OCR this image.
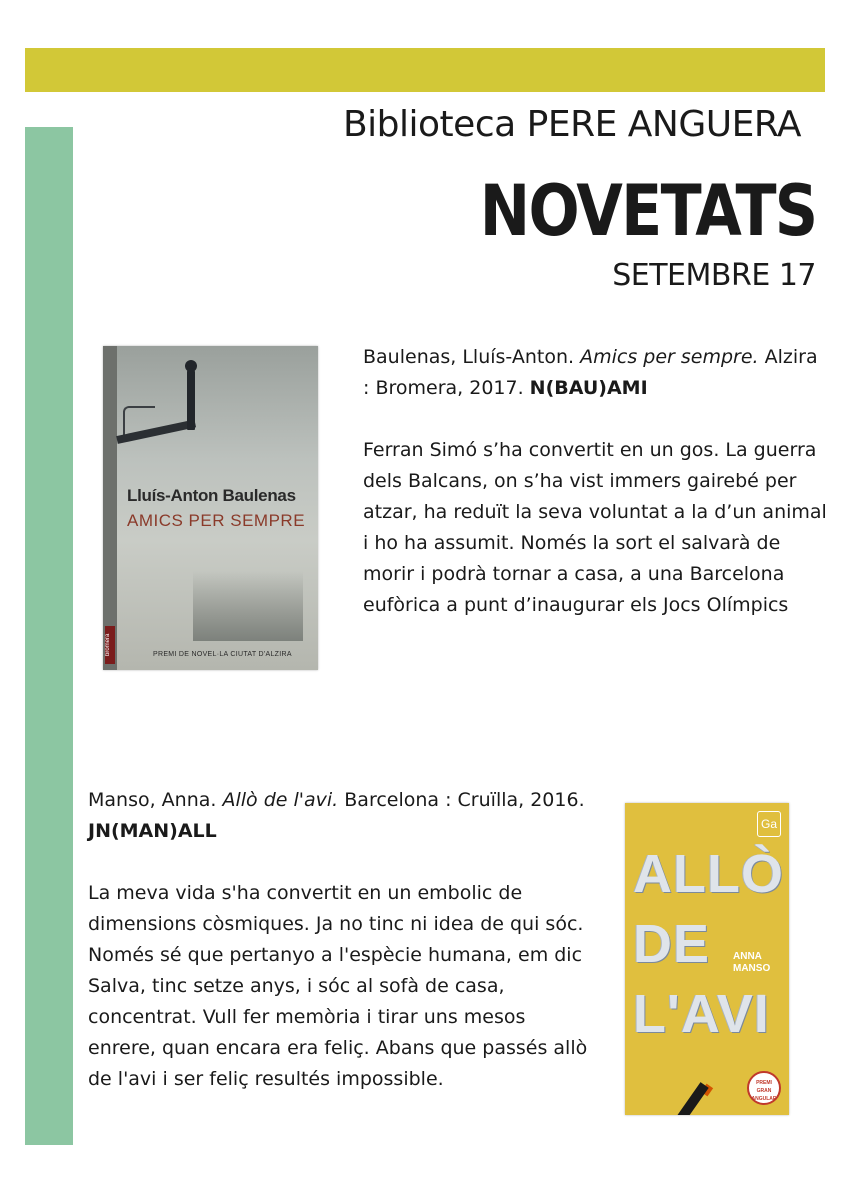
Biblioteca PERE ANGUERA
NOVETATS
SETEMBRE 17
Lluís-Anton Baulenas
AMICS PER SEMPRE
bromera	PREMI DE NOVEL·LA CIUTAT D'ALZIRA

Baulenas, Lluís-Anton. Amics per sempre. Alzira : Bromera, 2017. N(BAU)AMI

Ferran Simó s’ha convertit en un gos. La guerra dels Balcans, on s’ha vist immers gairebé per atzar, ha reduït la seva voluntat a la d’un animal i ho ha assumit. Només la sort el salvarà de morir i podrà tornar a casa, a una Barcelona eufòrica a punt d’inaugurar els Jocs Olímpics

Manso, Anna. Allò de l'avi. Barcelona : Cruïlla, 2016. JN(MAN)ALL

La meva vida s'ha convertit en un embolic de dimensions còsmiques. Ja no tinc ni idea de qui sóc. Només sé que pertanyo a l'espècie humana, em dic Salva, tinc setze anys, i sóc al sofà de casa, concentrat. Vull fer memòria i tirar uns mesos enrere, quan encara era feliç. Abans que passés allò de l'avi i ser feliç resultés impossible.

Ga
ALLÒ
DE ANNA MANSO
L'AVI
PREMI GRAN ANGULAR
